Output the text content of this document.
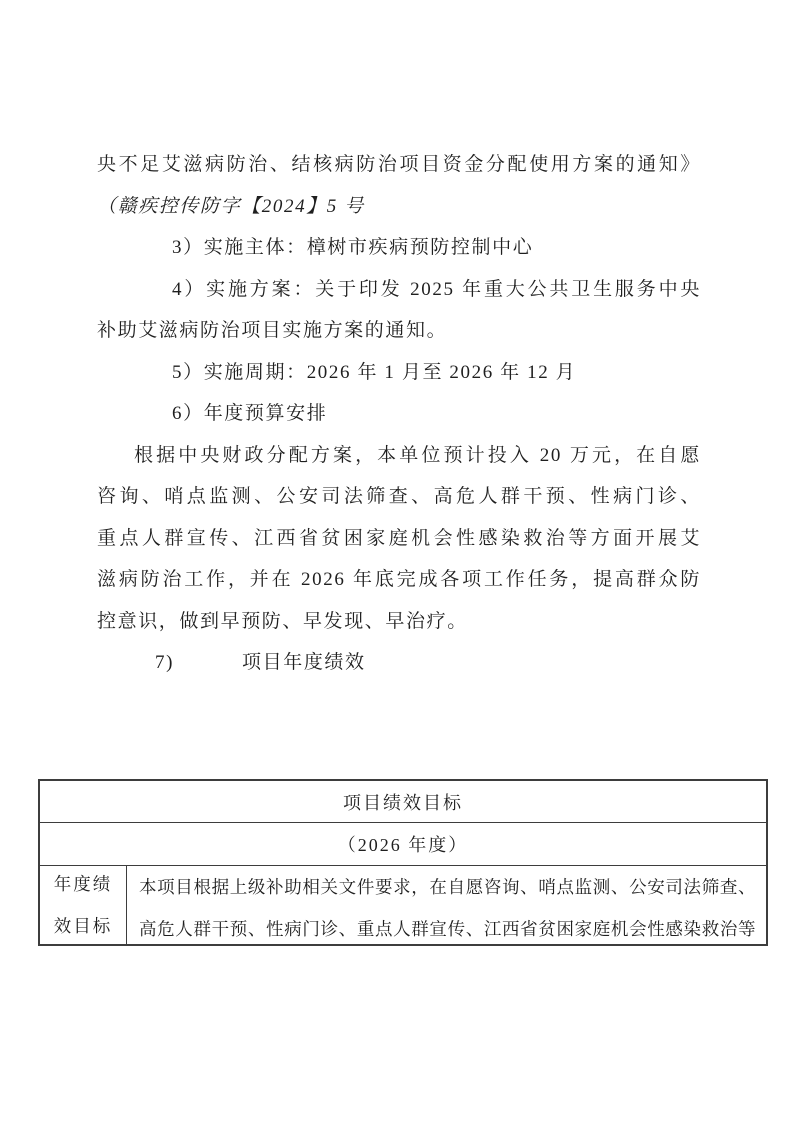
央不足艾滋病防治、结核病防治项目资金分配使用方案的通知》
（赣疾控传防字【2024】5 号
3）实施主体：樟树市疾病预防控制中心
4）实施方案：关于印发 2025 年重大公共卫生服务中央
补助艾滋病防治项目实施方案的通知。
5）实施周期：2026 年 1 月至 2026 年 12 月
6）年度预算安排
根据中央财政分配方案，本单位预计投入 20 万元，在自愿
咨询、哨点监测、公安司法筛查、高危人群干预、性病门诊、
重点人群宣传、江西省贫困家庭机会性感染救治等方面开展艾
滋病防治工作，并在 2026 年底完成各项工作任务，提高群众防
控意识，做到早预防、早发现、早治疗。
7)	项目年度绩效
项目绩效目标
（2026 年度）
年度绩效目标
本项目根据上级补助相关文件要求，在自愿咨询、哨点监测、公安司法筛查、
高危人群干预、性病门诊、重点人群宣传、江西省贫困家庭机会性感染救治等
